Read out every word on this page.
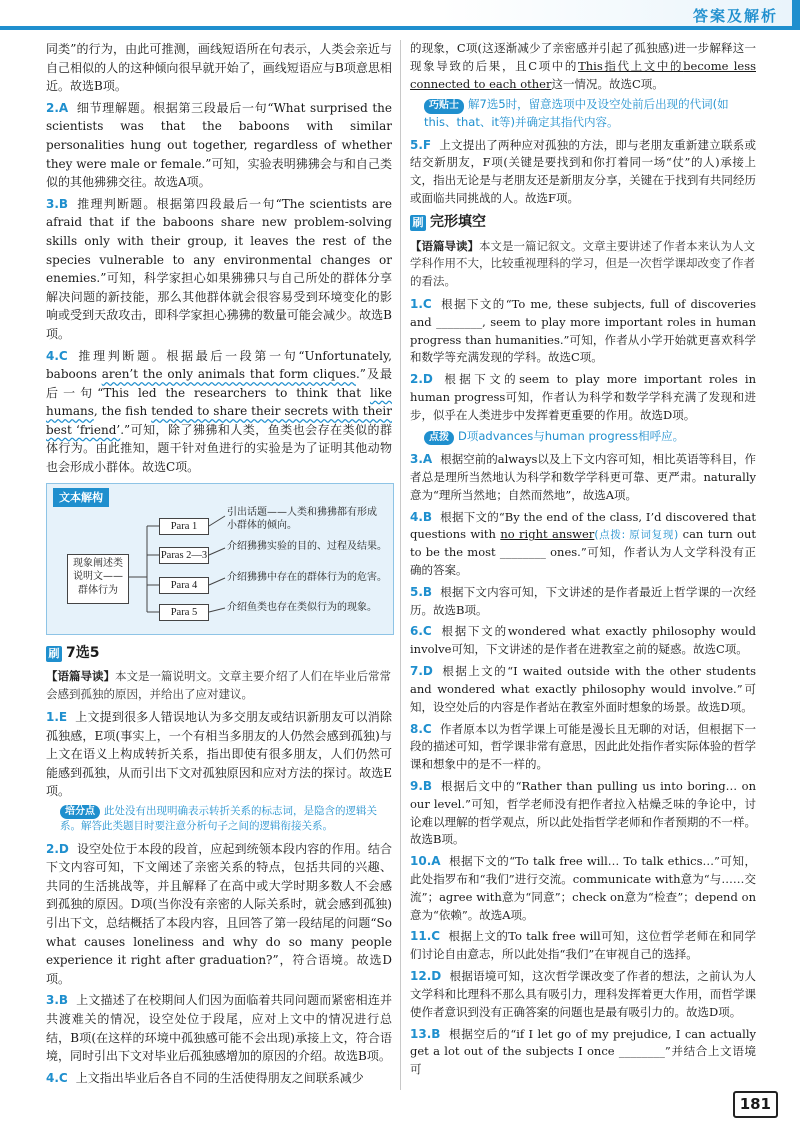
答案及解析

同类”的行为，由此可推测，画线短语所在句表示，人类会亲近与自己相似的人的这种倾向很早就开始了，画线短语应与B项意思相近。故选B项。

2.A 细节理解题。根据第三段最后一句“What surprised the scientists was that the baboons with similar personalities hung out together, regardless of whether they were male or female.”可知，实验表明狒狒会与和自己类似的其他狒狒交往。故选A项。

3.B 推理判断题。根据第四段最后一句“The scientists are afraid that if the baboons share new problem-solving skills only with their group, it leaves the rest of the species vulnerable to any environmental changes or enemies.”可知，科学家担心如果狒狒只与自己所处的群体分享解决问题的新技能，那么其他群体就会很容易受到环境变化的影响或受到天敌攻击，即科学家担心狒狒的数量可能会减少。故选B项。

4.C 推理判断题。根据最后一段第一句“Unfortunately, baboons aren’t the only animals that form cliques.”及最后一句“This led the researchers to think that like humans, the fish tended to share their secrets with their best ‘friend’.”可知，除了狒狒和人类，鱼类也会存在类似的群体行为。由此推知，题干针对鱼进行的实验是为了证明其他动物也会形成小群体。故选C项。

文本解构
现象阐述类
说明文——
群体行为
Para 1
Paras 2—3
Para 4
Para 5
引出话题——人类和狒狒都有形成小群体的倾向。
介绍狒狒实验的目的、过程及结果。
介绍狒狒中存在的群体行为的危害。
介绍鱼类也存在类似行为的现象。
刷 7选5

【语篇导读】本文是一篇说明文。文章主要介绍了人们在毕业后常常会感到孤独的原因，并给出了应对建议。

1.E 上文提到很多人错误地认为多交朋友或结识新朋友可以消除孤独感，E项(事实上，一个有相当多朋友的人仍然会感到孤独)与上文在语义上构成转折关系，指出即使有很多朋友，人们仍然可能感到孤独，从而引出下文对孤独原因和应对方法的探讨。故选E项。

培分点 此处没有出现明确表示转折关系的标志词，是隐含的逻辑关系。解答此类题目时要注意分析句子之间的逻辑衔接关系。

2.D 设空处位于本段的段首，应起到统领本段内容的作用。结合下文内容可知，下文阐述了亲密关系的特点，包括共同的兴趣、共同的生活挑战等，并且解释了在高中或大学时期多数人不会感到孤独的原因。D项(当你没有亲密的人际关系时，就会感到孤独)引出下文，总结概括了本段内容，且回答了第一段结尾的问题“So what causes loneliness and why do so many people experience it right after graduation?”，符合语境。故选D项。

3.B 上文描述了在校期间人们因为面临着共同问题而紧密相连并共渡难关的情况，设空处位于段尾，应对上文中的情况进行总结，B项(在这样的环境中孤独感可能不会出现)承接上文，符合语境，同时引出下文对毕业后孤独感增加的原因的介绍。故选B项。

4.C 上文指出毕业后各自不同的生活使得朋友之间联系减少

的现象，C项(这逐渐减少了亲密感并引起了孤独感)进一步解释这一现象导致的后果，且C项中的This指代上文中的become less connected to each other这一情况。故选C项。

巧贴士 解7选5时，留意选项中及设空处前后出现的代词(如this、that、it等)并确定其指代内容。

5.F 上文提出了两种应对孤独的方法，即与老朋友重新建立联系或结交新朋友，F项(关键是要找到和你打着同一场“仗”的人)承接上文，指出无论是与老朋友还是新朋友分享，关键在于找到有共同经历或面临共同挑战的人。故选F项。

刷 完形填空

【语篇导读】本文是一篇记叙文。文章主要讲述了作者本来认为人文学科作用不大，比较重视理科的学习，但是一次哲学课却改变了作者的看法。

1.C 根据下文的“To me, these subjects, full of discoveries and ________, seem to play more important roles in human progress than humanities.”可知，作者从小学开始就更喜欢科学和数学等充满发现的学科。故选C项。

2.D 根据下文的seem to play more important roles in human progress可知，作者认为科学和数学学科充满了发现和进步，似乎在人类进步中发挥着更重要的作用。故选D项。

点拨 D项advances与human progress相呼应。

3.A 根据空前的always以及上下文内容可知，相比英语等科目，作者总是理所当然地认为科学和数学学科更可靠、更严肃。naturally意为“理所当然地；自然而然地”，故选A项。

4.B 根据下文的“By the end of the class, I’d discovered that questions with no right answer(点拨: 原词复现) can turn out to be the most ________ ones.”可知，作者认为人文学科没有正确的答案。

5.B 根据下文内容可知，下文讲述的是作者最近上哲学课的一次经历。故选B项。

6.C 根据下文的wondered what exactly philosophy would involve可知，下文讲述的是作者在进教室之前的疑惑。故选C项。

7.D 根据上文的“I waited outside with the other students and wondered what exactly philosophy would involve.”可知，设空处后的内容是作者站在教室外面时想象的场景。故选D项。

8.C 作者原本以为哲学课上可能是漫长且无聊的对话，但根据下一段的描述可知，哲学课非常有意思，因此此处指作者实际体验的哲学课和想象中的是不一样的。

9.B 根据后文中的“Rather than pulling us into boring… on our level.”可知，哲学老师没有把作者拉入枯燥乏味的争论中，讨论难以理解的哲学观点，所以此处指哲学老师和作者预期的不一样。故选B项。

10.A 根据下文的“To talk free will… To talk ethics…”可知，此处指罗布和“我们”进行交流。communicate with意为“与……交流”；agree with意为“同意”；check on意为“检查”；depend on意为“依赖”。故选A项。

11.C 根据上文的To talk free will可知，这位哲学老师在和同学们讨论自由意志，所以此处指“我们”在审视自己的选择。

12.D 根据语境可知，这次哲学课改变了作者的想法，之前认为人文学科和比理科不那么具有吸引力，理科发挥着更大作用，而哲学课使作者意识到没有正确答案的问题也是最有吸引力的。故选D项。

13.B 根据空后的“if I let go of my prejudice, I can actually get a lot out of the subjects I once ________”并结合上文语境可

181
